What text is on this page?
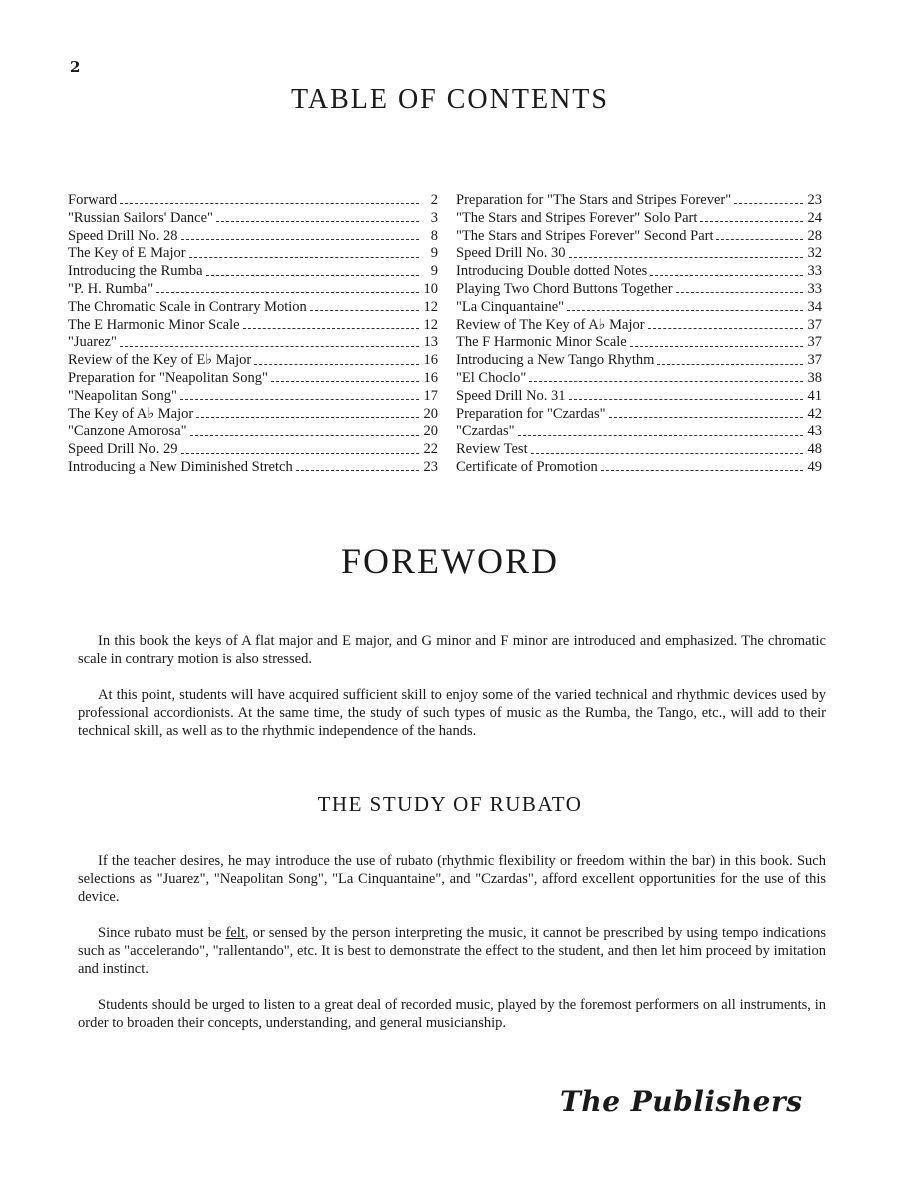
2
TABLE OF CONTENTS
Forward	2
"Russian Sailors' Dance"	3
Speed Drill No. 28	8
The Key of E Major	9
Introducing the Rumba	9
"P. H. Rumba"	10
The Chromatic Scale in Contrary Motion	12
The E Harmonic Minor Scale	12
"Juarez"	13
Review of the Key of E♭ Major	16
Preparation for "Neapolitan Song"	16
"Neapolitan Song"	17
The Key of A♭ Major	20
"Canzone Amorosa"	20
Speed Drill No. 29	22
Introducing a New Diminished Stretch	23
Preparation for "The Stars and Stripes Forever"	23
"The Stars and Stripes Forever" Solo Part	24
"The Stars and Stripes Forever" Second Part	28
Speed Drill No. 30	32
Introducing Double dotted Notes	33
Playing Two Chord Buttons Together	33
"La Cinquantaine"	34
Review of The Key of A♭ Major	37
The F Harmonic Minor Scale	37
Introducing a New Tango Rhythm	37
"El Choclo"	38
Speed Drill No. 31	41
Preparation for "Czardas"	42
"Czardas"	43
Review Test	48
Certificate of Promotion	49
FOREWORD

In this book the keys of A flat major and E major, and G minor and F minor are introduced and emphasized. The chromatic scale in contrary motion is also stressed.

At this point, students will have acquired sufficient skill to enjoy some of the varied technical and rhythmic devices used by professional accordionists. At the same time, the study of such types of music as the Rumba, the Tango, etc., will add to their technical skill, as well as to the rhythmic independence of the hands.

THE STUDY OF RUBATO

If the teacher desires, he may introduce the use of rubato (rhythmic flexibility or freedom within the bar) in this book. Such selections as "Juarez", "Neapolitan Song", "La Cinquantaine", and "Czardas", afford excellent opportunities for the use of this device.

Since rubato must be felt, or sensed by the person interpreting the music, it cannot be prescribed by using tempo indications such as "accelerando", "rallentando", etc. It is best to demonstrate the effect to the student, and then let him proceed by imitation and instinct.

Students should be urged to listen to a great deal of recorded music, played by the foremost performers on all instruments, in order to broaden their concepts, understanding, and general musicianship.

The Publishers
